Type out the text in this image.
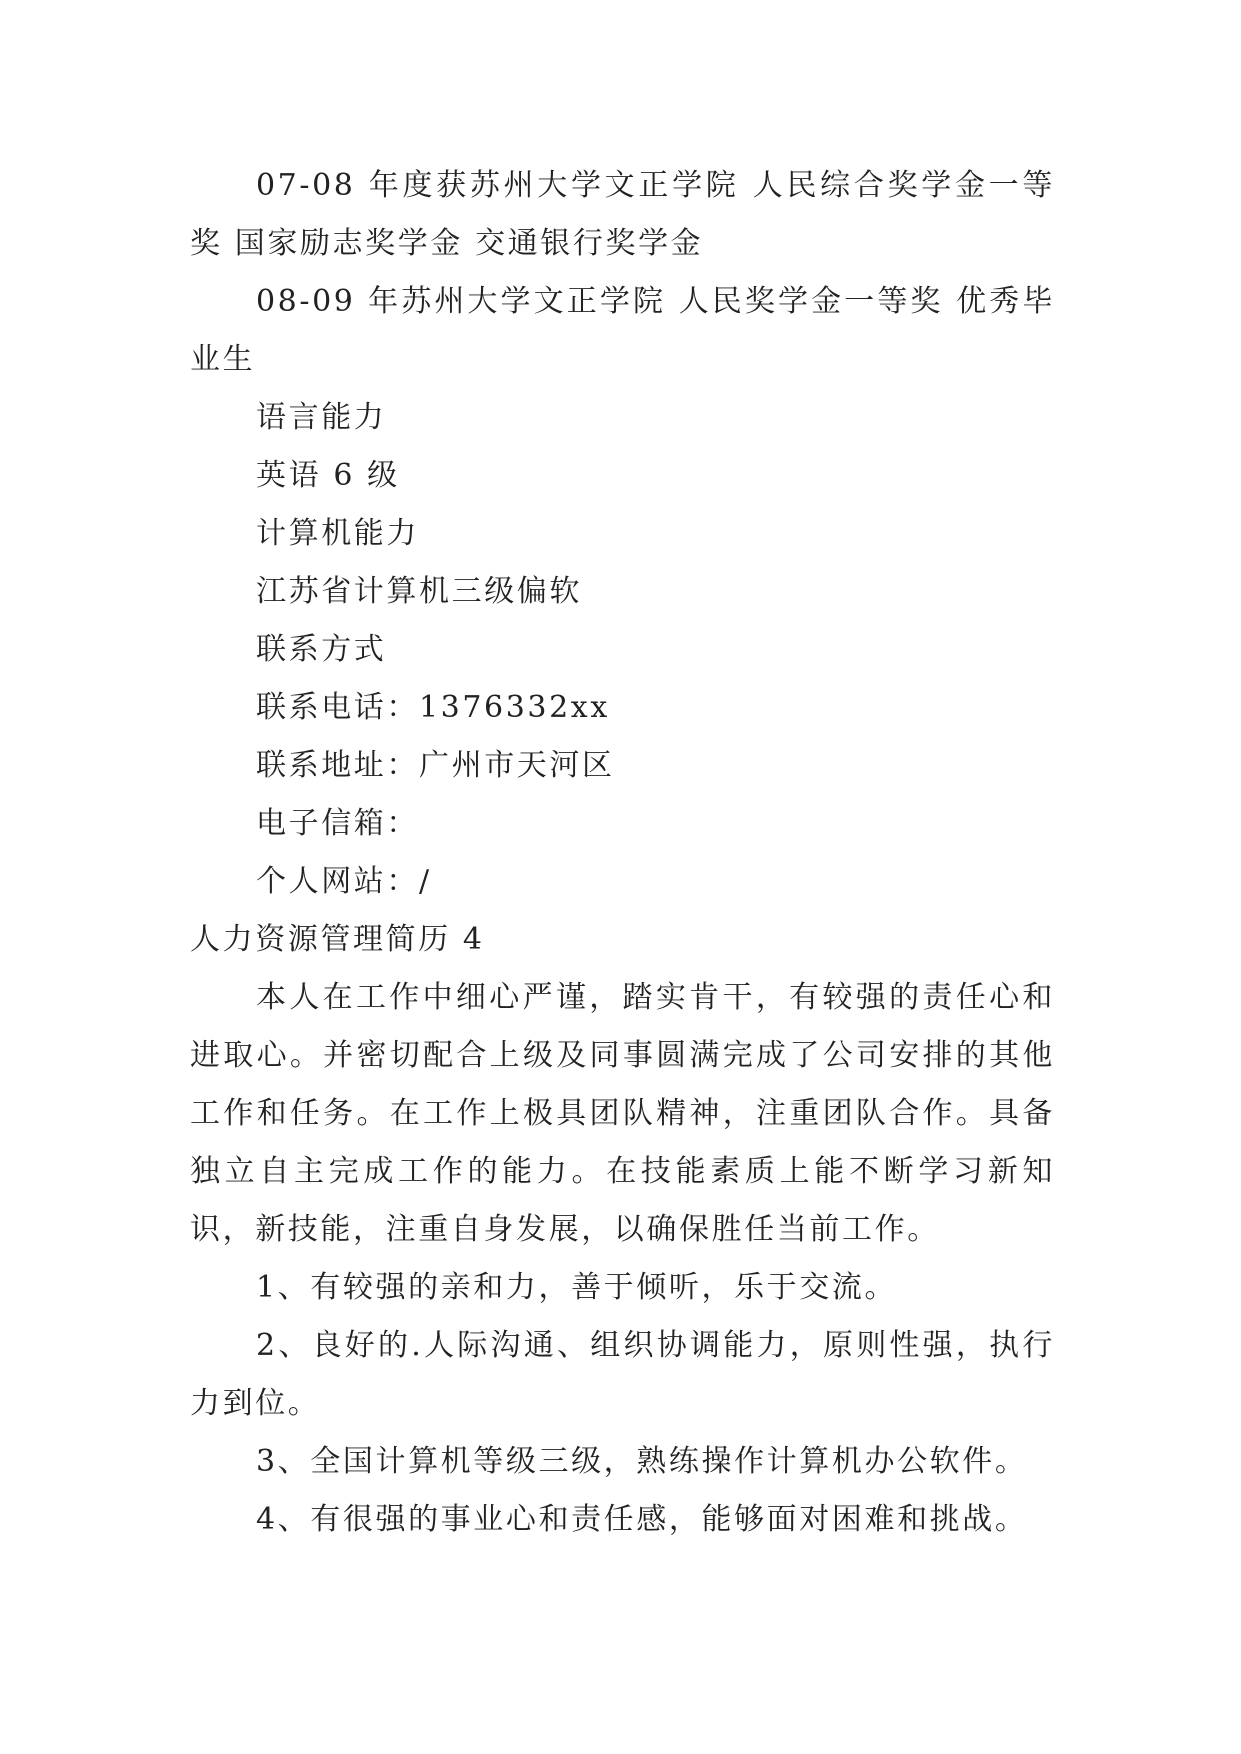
07-08 年度获苏州大学文正学院 人民综合奖学金一等奖 国家励志奖学金 交通银行奖学金

08-09 年苏州大学文正学院 人民奖学金一等奖 优秀毕业生

语言能力

英语 6 级

计算机能力

江苏省计算机三级偏软

联系方式

联系电话：1376332xx

联系地址：广州市天河区

电子信箱：

个人网站：/

人力资源管理简历 4

本人在工作中细心严谨，踏实肯干，有较强的责任心和进取心。并密切配合上级及同事圆满完成了公司安排的其他工作和任务。在工作上极具团队精神，注重团队合作。具备独立自主完成工作的能力。在技能素质上能不断学习新知识，新技能，注重自身发展，以确保胜任当前工作。

1、有较强的亲和力，善于倾听，乐于交流。

2、良好的.人际沟通、组织协调能力，原则性强，执行力到位。

3、全国计算机等级三级，熟练操作计算机办公软件。

4、有很强的事业心和责任感，能够面对困难和挑战。
